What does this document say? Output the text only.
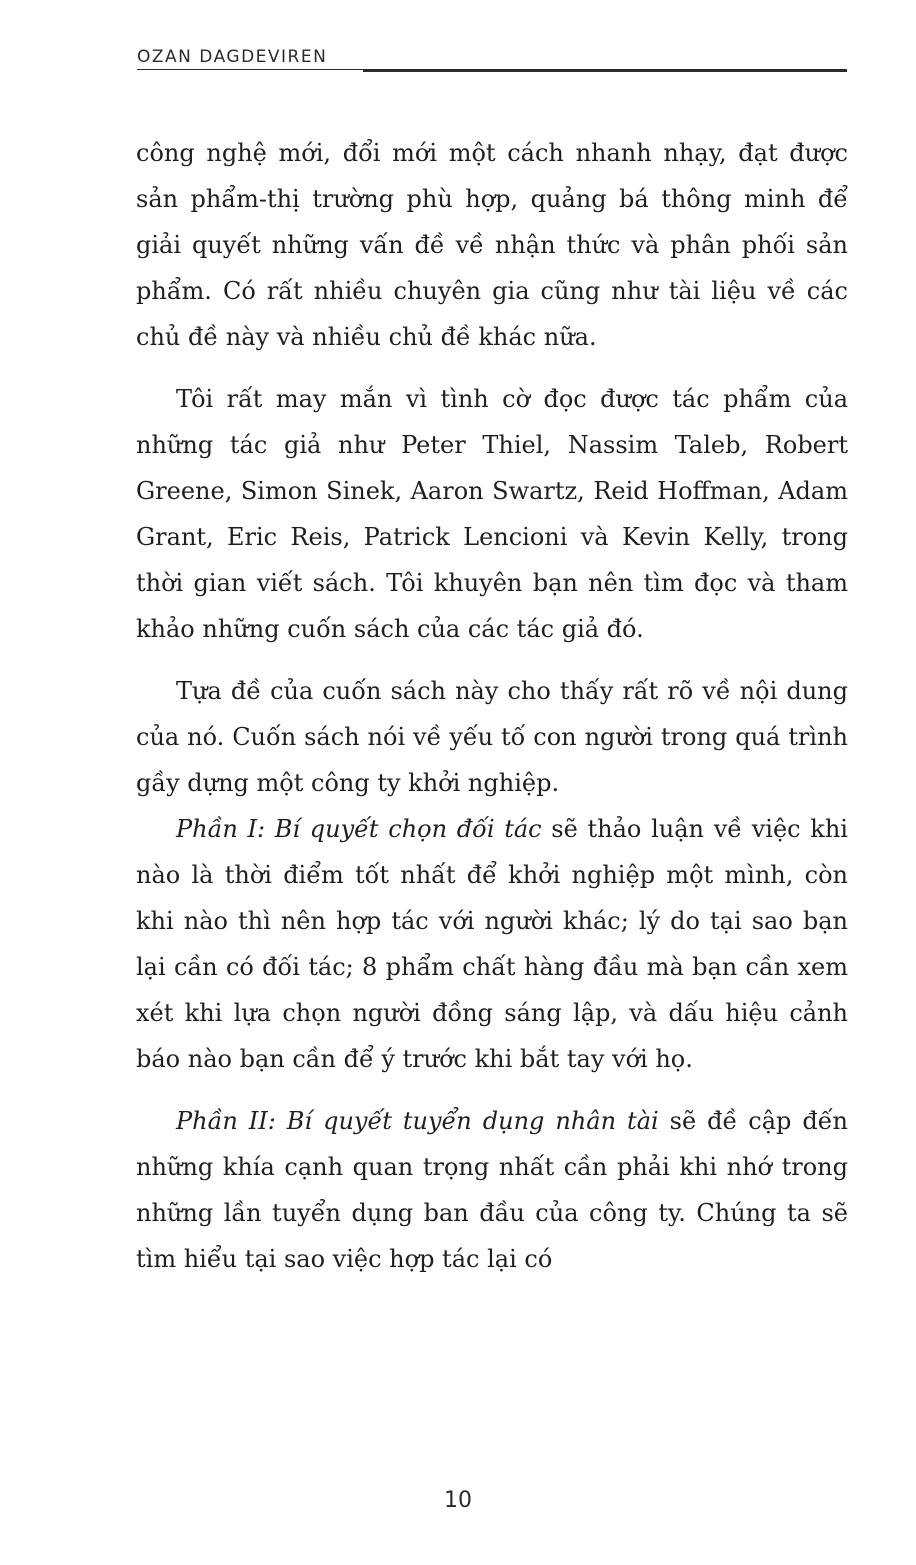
OZAN DAGDEVIREN

công nghệ mới, đổi mới một cách nhanh nhạy, đạt được sản phẩm-thị trường phù hợp, quảng bá thông minh để giải quyết những vấn đề về nhận thức và phân phối sản phẩm. Có rất nhiều chuyên gia cũng như tài liệu về các chủ đề này và nhiều chủ đề khác nữa.

Tôi rất may mắn vì tình cờ đọc được tác phẩm của những tác giả như Peter Thiel, Nassim Taleb, Robert Greene, Simon Sinek, Aaron Swartz, Reid Hoffman, Adam Grant, Eric Reis, Patrick Lencioni và Kevin Kelly, trong thời gian viết sách. Tôi khuyên bạn nên tìm đọc và tham khảo những cuốn sách của các tác giả đó.

Tựa đề của cuốn sách này cho thấy rất rõ về nội dung của nó. Cuốn sách nói về yếu tố con người trong quá trình gầy dựng một công ty khởi nghiệp.

Phần I: Bí quyết chọn đối tác sẽ thảo luận về việc khi nào là thời điểm tốt nhất để khởi nghiệp một mình, còn khi nào thì nên hợp tác với người khác; lý do tại sao bạn lại cần có đối tác; 8 phẩm chất hàng đầu mà bạn cần xem xét khi lựa chọn người đồng sáng lập, và dấu hiệu cảnh báo nào bạn cần để ý trước khi bắt tay với họ.

Phần II: Bí quyết tuyển dụng nhân tài sẽ đề cập đến những khía cạnh quan trọng nhất cần phải khi nhớ trong những lần tuyển dụng ban đầu của công ty. Chúng ta sẽ tìm hiểu tại sao việc hợp tác lại có

10
